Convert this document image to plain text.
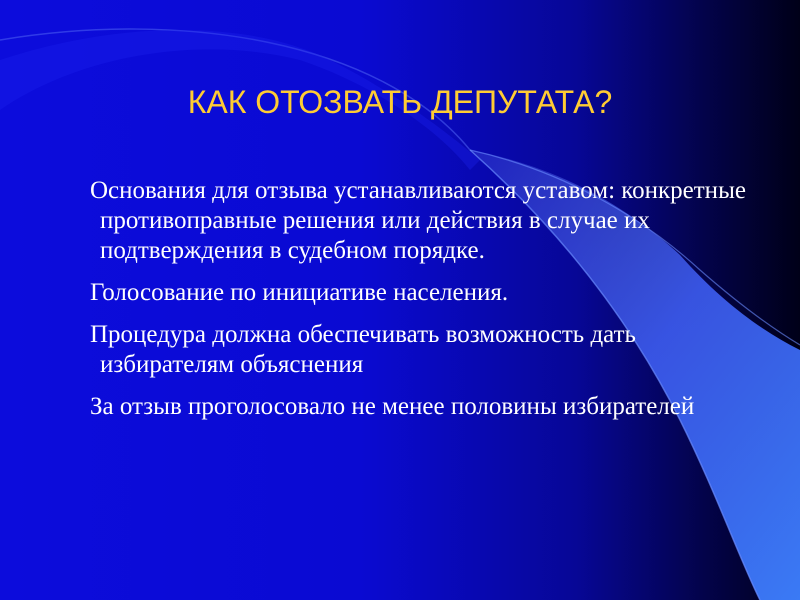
КАК ОТОЗВАТЬ ДЕПУТАТА?
Основания для отзыва устанавливаются уставом: конкретные противоправные решения или действия в случае их подтверждения в судебном порядке.
Голосование по инициативе населения.
Процедура должна обеспечивать возможность дать избирателям объяснения
За отзыв проголосовало не менее половины избирателей
